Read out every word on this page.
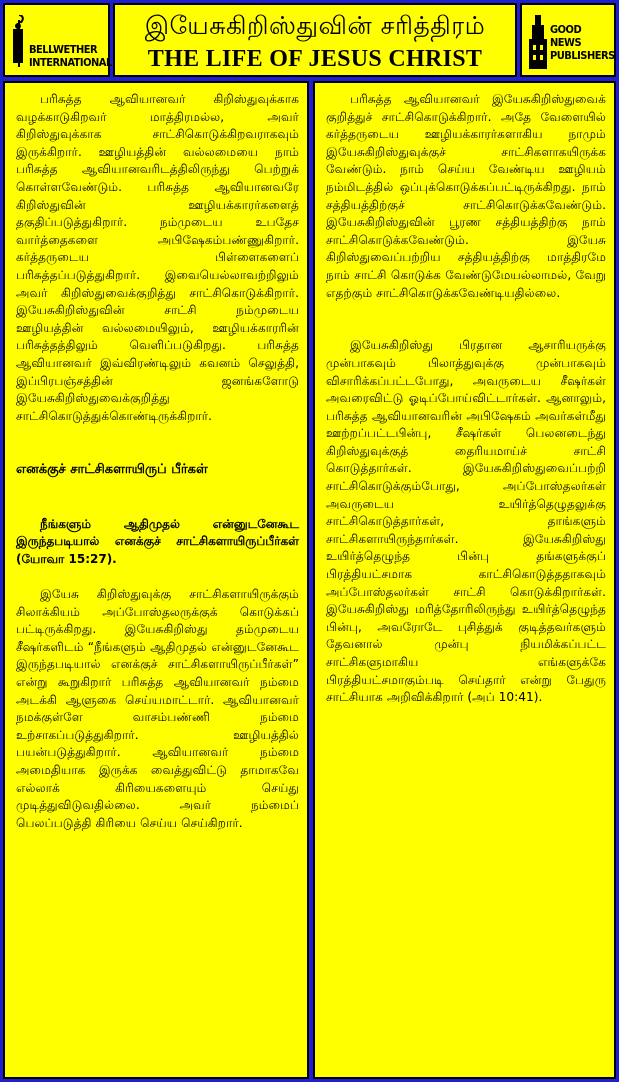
BELLWETHER
INTERNATIONAL
இயேசுகிறிஸ்துவின் சரித்திரம்
THE LIFE OF JESUS CHRIST
GOOD NEWS
PUBLISHERS

பரிசுத்த ஆவியானவர் கிறிஸ்துவுக்காக வழக்காடுகிறவர் மாத்திரமல்ல, அவர் கிறிஸ்துவுக்காக சாட்சிகொடுக்கிறவராகவும் இருக்கிறார். ஊழியத்தின் வல்லமையை நாம் பரிசுத்த ஆவியானவரிடத்திலிருந்து பெற்றுக் கொள்ளவேண்டும். பரிசுத்த ஆவியானவரே கிறிஸ்துவின் ஊழியக்காரர்களைத் தகுதிப்படுத்துகிறார். நம்முடைய உபதேச வார்த்தைகளை அபிஷேகம்பண்ணுகிறார். கர்த்தருடைய பிள்ளைகளைப் பரிசுத்தப்படுத்துகிறார். இவையெல்லாவற்றிலும் அவர் கிறிஸ்துவைக்குறித்து சாட்சிகொடுக்கிறார். இயேசுகிறிஸ்துவின் சாட்சி நம்முடைய ஊழியத்தின் வல்லமையிலும், ஊழியக்காரரின் பரிசுத்தத்திலும் வெளிப்படுகிறது. பரிசுத்த ஆவியானவர் இவ்விரண்டிலும் கவனம் செலுத்தி, இப்பிரபஞ்சத்தின் ஜனங்களோடு இயேசுகிறிஸ்துவைக்குறித்து சாட்சிகொடுத்துக்கொண்டிருக்கிறார்.

எனக்குச் சாட்சிகளாயிருப் பீர்கள்

நீங்களும் ஆதிமுதல் என்னுடனேகூட இருந்தபடியால் எனக்குச் சாட்சிகளாயிருப்பீர்கள் (யோவா 15:27).

இயேசு கிறிஸ்துவுக்கு சாட்சிகளாயிருக்கும் சிலாக்கியம் அப்போஸ்தலருக்குக் கொடுக்கப் பட்டிருக்கிறது. இயேசுகிறிஸ்து தம்முடைய சீஷர்களிடம் “நீங்களும் ஆதிமுதல் என்னுடனேகூட இருந்தபடியால் எனக்குச் சாட்சிகளாயிருப்பீர்கள்” என்று கூறுகிறார் பரிசுத்த ஆவியானவர் நம்மை அடக்கி ஆளுகை செய்யமாட்டார். ஆவியானவர் நமக்குள்ளே வாசம்பண்ணி நம்மை உற்சாகப்படுத்துகிறார். ஊழியத்தில் பயன்படுத்துகிறார். ஆவியானவர் நம்மை அமைதியாக இருக்க வைத்துவிட்டு தாமாகவே எல்லாக் கிரியைகளையும் செய்து முடித்துவிடுவதில்லை. அவர் நம்மைப் பெலப்படுத்தி கிரியை செய்ய செய்கிறார்.

பரிசுத்த ஆவியானவர் இயேசுகிறிஸ்துவைக் குறித்துச் சாட்சிகொடுக்கிறார். அதே வேளையில் கர்த்தருடைய ஊழியக்காரர்களாகிய நாமும் இயேசுகிறிஸ்துவுக்குச் சாட்சிகளாகயிருக்க வேண்டும். நாம் செய்ய வேண்டிய ஊழியம் நம்மிடத்தில் ஒப்புக்கொடுக்கப்பட்டிருக்கிறது. நாம் சத்தியத்திற்குச் சாட்சிகொடுக்கவேண்டும். இயேசுகிறிஸ்துவின் பூரண சத்தியத்திற்கு நாம் சாட்சிகொடுக்கவேண்டும். இயேசு கிறிஸ்துவைப்பற்றிய சத்தியத்திற்கு மாத்திரமே நாம் சாட்சி கொடுக்க வேண்டுமேயல்லாமல், வேறு எதற்கும் சாட்சிகொடுக்கவேண்டியதில்லை.

இயேசுகிறிஸ்து பிரதான ஆசாரியருக்கு முன்பாகவும் பிலாத்துவுக்கு முன்பாகவும் விசாரிக்கப்பட்டபோது, அவருடைய சீஷர்கள் அவரைவிட்டு ஓடிப்போய்விட்டார்கள். ஆனாலும், பரிசுத்த ஆவியானவரின் அபிஷேகம் அவர்கள்மீது ஊற்றப்பட்டபின்பு, சீஷர்கள் பெலனடைந்து கிறிஸ்துவுக்குத் தைரியமாய்ச் சாட்சி கொடுத்தார்கள். இயேசுகிறிஸ்துவைப்பற்றி சாட்சிகொடுக்கும்போது, அப்போஸ்தலர்கள் அவருடைய உயிர்த்தெழுதலுக்கு சாட்சிகொடுத்தார்கள், தாங்களும் சாட்சிகளாயிருந்தார்கள். இயேசுகிறிஸ்து உயிர்த்தெழுந்த பின்பு தங்களுக்குப் பிரத்தியட்சமாக காட்சிகொடுத்ததாகவும் அப்போஸ்தலர்கள் சாட்சி கொடுக்கிறார்கள். இயேசுகிறிஸ்து மரித்தோரிலிருந்து உயிர்த்தெழுந்த பின்பு, அவரோடே புசித்துக் குடித்தவர்களும் தேவனால் முன்பு நியமிக்கப்பட்ட சாட்சிகளுமாகிய எங்களுக்கே பிரத்தியட்சமாகும்படி செய்தார் என்று பேதுரு சாட்சியாக அறிவிக்கிறார் (அப் 10:41).
